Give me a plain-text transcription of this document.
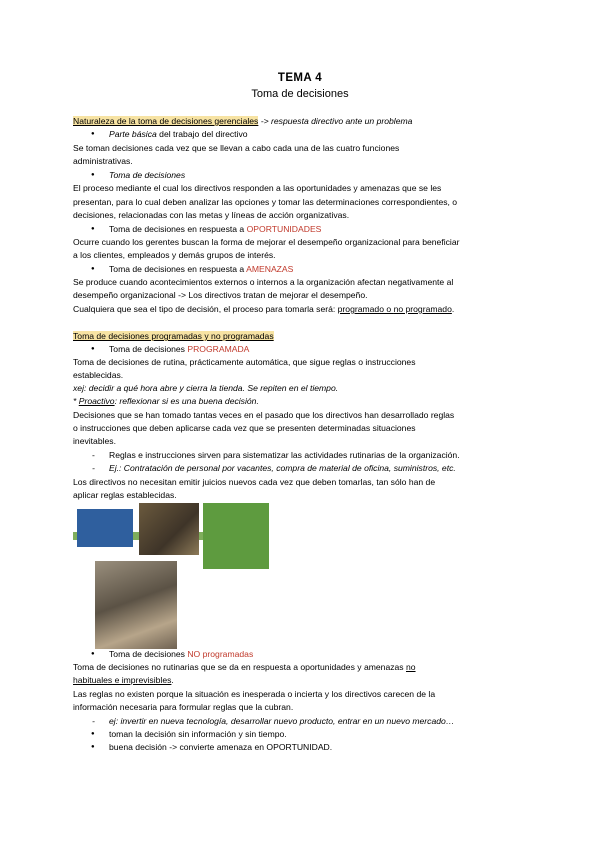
TEMA 4
Toma de decisiones
Naturaleza de la toma de decisiones gerenciales -> respuesta directivo ante un problema
● Parte básica del trabajo del directivo
Se toman decisiones cada vez que se llevan a cabo cada una de las cuatro funciones
administrativas.
● Toma de decisiones
El proceso mediante el cual los directivos responden a las oportunidades y amenazas que se les
presentan, para lo cual deben analizar las opciones y tomar las determinaciones correspondientes, o
decisiones, relacionadas con las metas y líneas de acción organizativas.
● Toma de decisiones en respuesta a OPORTUNIDADES
Ocurre cuando los gerentes buscan la forma de mejorar el desempeño organizacional para beneficiar
a los clientes, empleados y demás grupos de interés.
● Toma de decisiones en respuesta a AMENAZAS
Se produce cuando acontecimientos externos o internos a la organización afectan negativamente al
desempeño organizacional -> Los directivos tratan de mejorar el desempeño.
Cualquiera que sea el tipo de decisión, el proceso para tomarla será: programado o no programado.
Toma de decisiones programadas y no programadas
● Toma de decisiones PROGRAMADA
Toma de decisiones de rutina, prácticamente automática, que sigue reglas o instrucciones
establecidas.
xej: decidir a qué hora abre y cierra la tienda. Se repiten en el tiempo.
* Proactivo: reflexionar si es una buena decisión.
Decisiones que se han tomado tantas veces en el pasado que los directivos han desarrollado reglas
o instrucciones que deben aplicarse cada vez que se presenten determinadas situaciones
inevitables.
- Reglas e instrucciones sirven para sistematizar las actividades rutinarias de la organización.
- Ej.: Contratación de personal por vacantes, compra de material de oficina, suministros, etc.
Los directivos no necesitan emitir juicios nuevos cada vez que deben tomarlas, tan sólo han de
aplicar reglas establecidas.
● Toma de decisiones NO programadas
Toma de decisiones no rutinarias que se da en respuesta a oportunidades y amenazas no
habituales e imprevisibles.
Las reglas no existen porque la situación es inesperada o incierta y los directivos carecen de la
información necesaria para formular reglas que la cubran.
- ej: invertir en nueva tecnología, desarrollar nuevo producto, entrar en un nuevo mercado…
● toman la decisión sin información y sin tiempo.
● buena decisión -> convierte amenaza en OPORTUNIDAD.
